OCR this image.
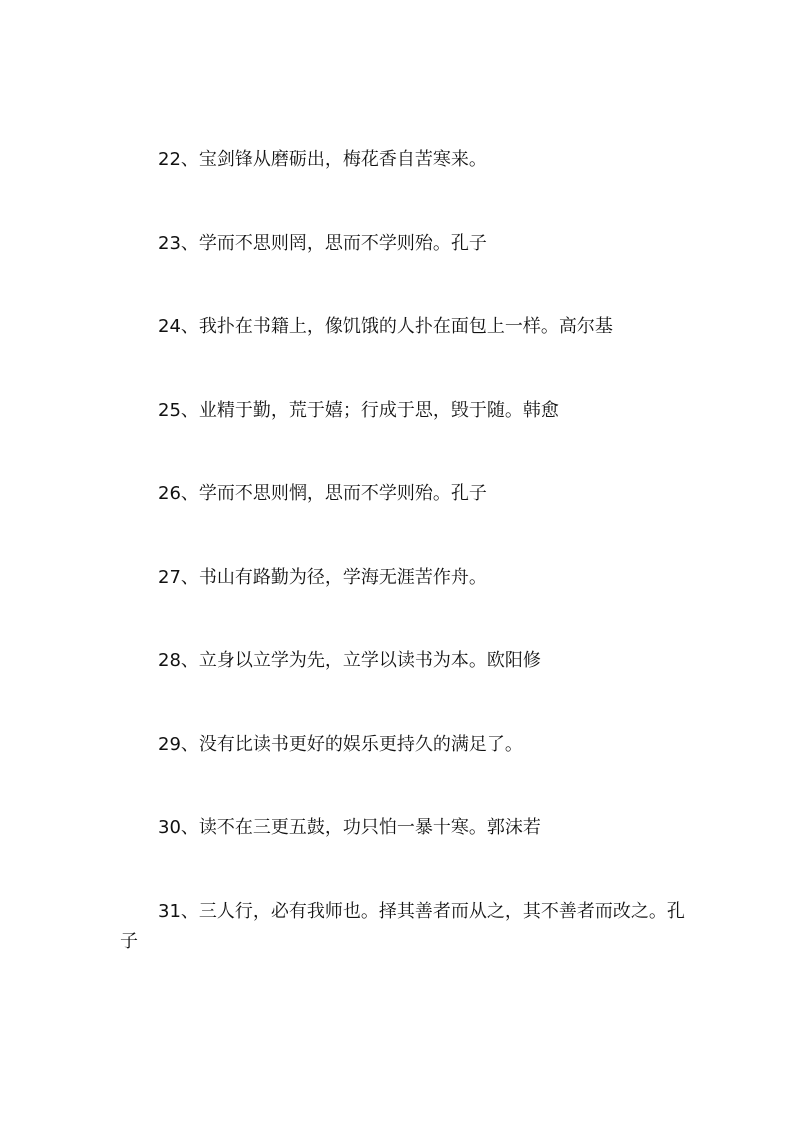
22、宝剑锋从磨砺出，梅花香自苦寒来。

23、学而不思则罔，思而不学则殆。孔子

24、我扑在书籍上，像饥饿的人扑在面包上一样。高尔基

25、业精于勤，荒于嬉；行成于思，毁于随。韩愈

26、学而不思则惘，思而不学则殆。孔子

27、书山有路勤为径，学海无涯苦作舟。

28、立身以立学为先，立学以读书为本。欧阳修

29、没有比读书更好的娱乐更持久的满足了。

30、读不在三更五鼓，功只怕一暴十寒。郭沫若

31、三人行，必有我师也。择其善者而从之，其不善者而改之。孔子
